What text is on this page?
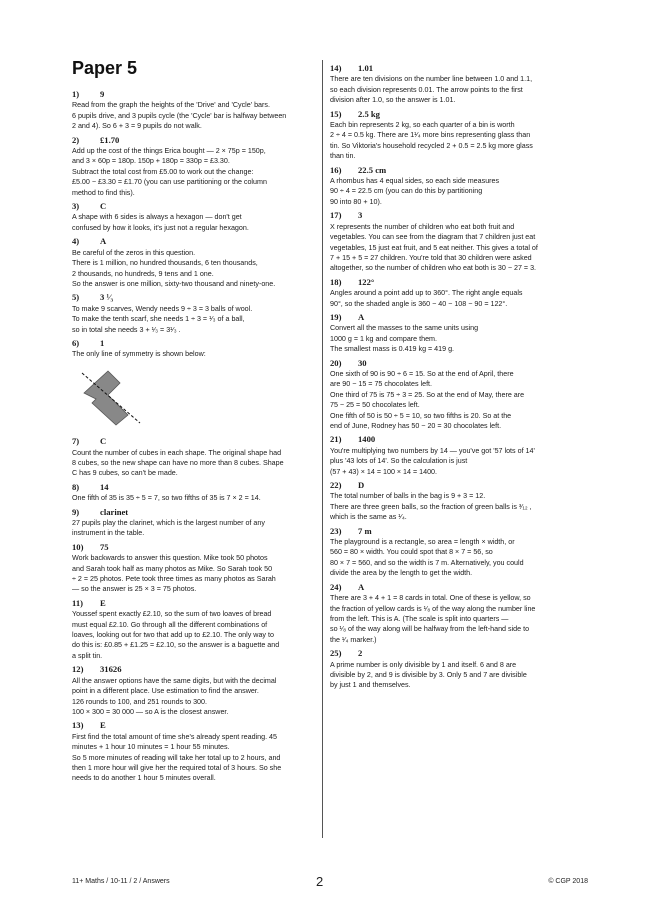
Paper 5
1)	9
Read from the graph the heights of the 'Drive' and 'Cycle' bars.
6 pupils drive, and 3 pupils cycle (the 'Cycle' bar is halfway between
2 and 4). So 6 + 3 = 9 pupils do not walk.
2)	£1.70
Add up the cost of the things Erica bought — 2 × 75p = 150p,
and 3 × 60p = 180p. 150p + 180p = 330p = £3.30.
Subtract the total cost from £5.00 to work out the change:
£5.00 − £3.30 = £1.70 (you can use partitioning or the column
method to find this).
3)	C
A shape with 6 sides is always a hexagon — don't get
confused by how it looks, it's just not a regular hexagon.
4)	A
Be careful of the zeros in this question.
There is 1 million, no hundred thousands, 6 ten thousands,
2 thousands, no hundreds, 9 tens and 1 one.
So the answer is one million, sixty-two thousand and ninety-one.
5)	3 ¹⁄₃
To make 9 scarves, Wendy needs 9 ÷ 3 = 3 balls of wool.
To make the tenth scarf, she needs 1 ÷ 3 = ¹⁄₃ of a ball,
so in total she needs 3 + ¹⁄₃ = 3¹⁄₃ .
6)	1
The only line of symmetry is shown below:
7)	C
Count the number of cubes in each shape. The original shape had
8 cubes, so the new shape can have no more than 8 cubes. Shape
C has 9 cubes, so can't be made.
8)	14
One fifth of 35 is 35 ÷ 5 = 7, so two fifths of 35 is 7 × 2 = 14.
9)	clarinet
27 pupils play the clarinet, which is the largest number of any
instrument in the table.
10)	75
Work backwards to answer this question. Mike took 50 photos
and Sarah took half as many photos as Mike. So Sarah took 50
÷ 2 = 25 photos. Pete took three times as many photos as Sarah
— so the answer is 25 × 3 = 75 photos.
11)	E
Youssef spent exactly £2.10, so the sum of two loaves of bread
must equal £2.10. Go through all the different combinations of
loaves, looking out for two that add up to £2.10. The only way to
do this is: £0.85 + £1.25 = £2.10, so the answer is a baguette and
a split tin.
12)	31626
All the answer options have the same digits, but with the decimal
point in a different place. Use estimation to find the answer.
126 rounds to 100, and 251 rounds to 300.
100 × 300 = 30 000 — so A is the closest answer.
13)	E
First find the total amount of time she's already spent reading. 45
minutes + 1 hour 10 minutes = 1 hour 55 minutes.
So 5 more minutes of reading will take her total up to 2 hours, and
then 1 more hour will give her the required total of 3 hours. So she
needs to do another 1 hour 5 minutes overall.
14)	1.01
There are ten divisions on the number line between 1.0 and 1.1,
so each division represents 0.01. The arrow points to the first
division after 1.0, so the answer is 1.01.
15)	2.5 kg
Each bin represents 2 kg, so each quarter of a bin is worth
2 ÷ 4 = 0.5 kg. There are 1¹⁄₄ more bins representing glass than
tin. So Viktoria's household recycled 2 + 0.5 = 2.5 kg more glass
than tin.
16)	22.5 cm
A rhombus has 4 equal sides, so each side measures
90 ÷ 4 = 22.5 cm (you can do this by partitioning
90 into 80 + 10).
17)	3
X represents the number of children who eat both fruit and
vegetables. You can see from the diagram that 7 children just eat
vegetables, 15 just eat fruit, and 5 eat neither. This gives a total of
7 + 15 + 5 = 27 children. You're told that 30 children were asked
altogether, so the number of children who eat both is 30 − 27 = 3.
18)	122°
Angles around a point add up to 360°. The right angle equals
90°, so the shaded angle is 360 − 40 − 108 − 90 = 122°.
19)	A
Convert all the masses to the same units using
1000 g = 1 kg and compare them.
The smallest mass is 0.419 kg = 419 g.
20)	30
One sixth of 90 is 90 ÷ 6 = 15. So at the end of April, there
are 90 − 15 = 75 chocolates left.
One third of 75 is 75 ÷ 3 = 25. So at the end of May, there are
75 − 25 = 50 chocolates left.
One fifth of 50 is 50 ÷ 5 = 10, so two fifths is 20. So at the
end of June, Rodney has 50 − 20 = 30 chocolates left.
21)	1400
You're multiplying two numbers by 14 — you've got '57 lots of 14'
plus '43 lots of 14'. So the calculation is just
(57 + 43) × 14 = 100 × 14 = 1400.
22)	D
The total number of balls in the bag is 9 + 3 = 12.
There are three green balls, so the fraction of green balls is ³⁄₁₂ ,
which is the same as ¹⁄₄.
23)	7 m
The playground is a rectangle, so area = length × width, or
560 = 80 × width. You could spot that 8 × 7 = 56, so
80 × 7 = 560, and so the width is 7 m. Alternatively, you could
divide the area by the length to get the width.
24)	A
There are 3 + 4 + 1 = 8 cards in total. One of these is yellow, so
the fraction of yellow cards is ¹⁄₈ of the way along the number line
from the left. This is A. (The scale is split into quarters —
so ¹⁄₈ of the way along will be halfway from the left-hand side to
the ¹⁄₄ marker.)
25)	2
A prime number is only divisible by 1 and itself. 6 and 8 are
divisible by 2, and 9 is divisible by 3. Only 5 and 7 are divisible
by just 1 and themselves.
11+ Maths / 10-11 / 2 / Answers	2	© CGP 2018
